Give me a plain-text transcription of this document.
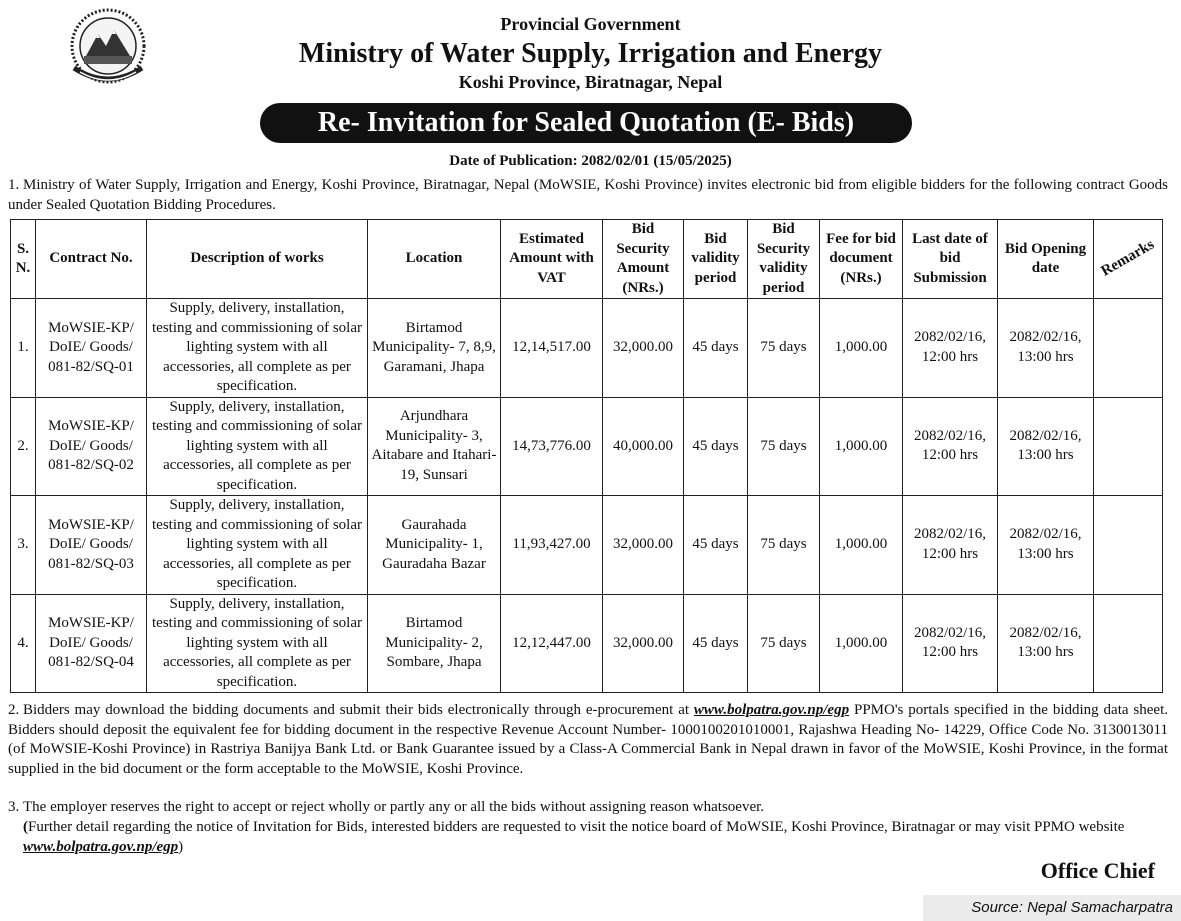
Provincial Government
Ministry of Water Supply, Irrigation and Energy
Koshi Province, Biratnagar, Nepal
Re- Invitation for Sealed Quotation (E- Bids)
Date of Publication: 2082/02/01 (15/05/2025)
1. Ministry of Water Supply, Irrigation and Energy, Koshi Province, Biratnagar, Nepal (MoWSIE, Koshi Province) invites electronic bid from eligible bidders for the following contract Goods under Sealed Quotation Bidding Procedures.
S. N.	Contract No.	Description of works	Location	Estimated Amount with VAT	Bid Security Amount (NRs.)	Bid validity period	Bid Security validity period	Fee for bid document (NRs.)	Last date of bid Submission	Bid Opening date	Remarks
1.	MoWSIE-KP/ DoIE/ Goods/ 081-82/SQ-01	Supply, delivery, installation, testing and commissioning of solar lighting system with all accessories, all complete as per specification.	Birtamod Municipality- 7, 8,9, Garamani, Jhapa	12,14,517.00	32,000.00	45 days	75 days	1,000.00	2082/02/16, 12:00 hrs	2082/02/16, 13:00 hrs	
2.	MoWSIE-KP/ DoIE/ Goods/ 081-82/SQ-02	Supply, delivery, installation, testing and commissioning of solar lighting system with all accessories, all complete as per specification.	Arjundhara Municipality- 3, Aitabare and Itahari- 19, Sunsari	14,73,776.00	40,000.00	45 days	75 days	1,000.00	2082/02/16, 12:00 hrs	2082/02/16, 13:00 hrs	
3.	MoWSIE-KP/ DoIE/ Goods/ 081-82/SQ-03	Supply, delivery, installation, testing and commissioning of solar lighting system with all accessories, all complete as per specification.	Gaurahada Municipality- 1, Gauradaha Bazar	11,93,427.00	32,000.00	45 days	75 days	1,000.00	2082/02/16, 12:00 hrs	2082/02/16, 13:00 hrs	
4.	MoWSIE-KP/ DoIE/ Goods/ 081-82/SQ-04	Supply, delivery, installation, testing and commissioning of solar lighting system with all accessories, all complete as per specification.	Birtamod Municipality- 2, Sombare, Jhapa	12,12,447.00	32,000.00	45 days	75 days	1,000.00	2082/02/16, 12:00 hrs	2082/02/16, 13:00 hrs	
2. Bidders may download the bidding documents and submit their bids electronically through e-procurement at www.bolpatra.gov.np/egp PPMO's portals specified in the bidding data sheet. Bidders should deposit the equivalent fee for bidding document in the respective Revenue Account Number- 1000100201010001, Rajashwa Heading No- 14229, Office Code No. 3130013011 (of MoWSIE-Koshi Province) in Rastriya Banijya Bank Ltd. or Bank Guarantee issued by a Class-A Commercial Bank in Nepal drawn in favor of the MoWSIE, Koshi Province, in the format supplied in the bid document or the form acceptable to the MoWSIE, Koshi Province.
3. The employer reserves the right to accept or reject wholly or partly any or all the bids without assigning reason whatsoever.
(Further detail regarding the notice of Invitation for Bids, interested bidders are requested to visit the notice board of MoWSIE, Koshi Province, Biratnagar or may visit PPMO website www.bolpatra.gov.np/egp)
Office Chief
Source: Nepal Samacharpatra
